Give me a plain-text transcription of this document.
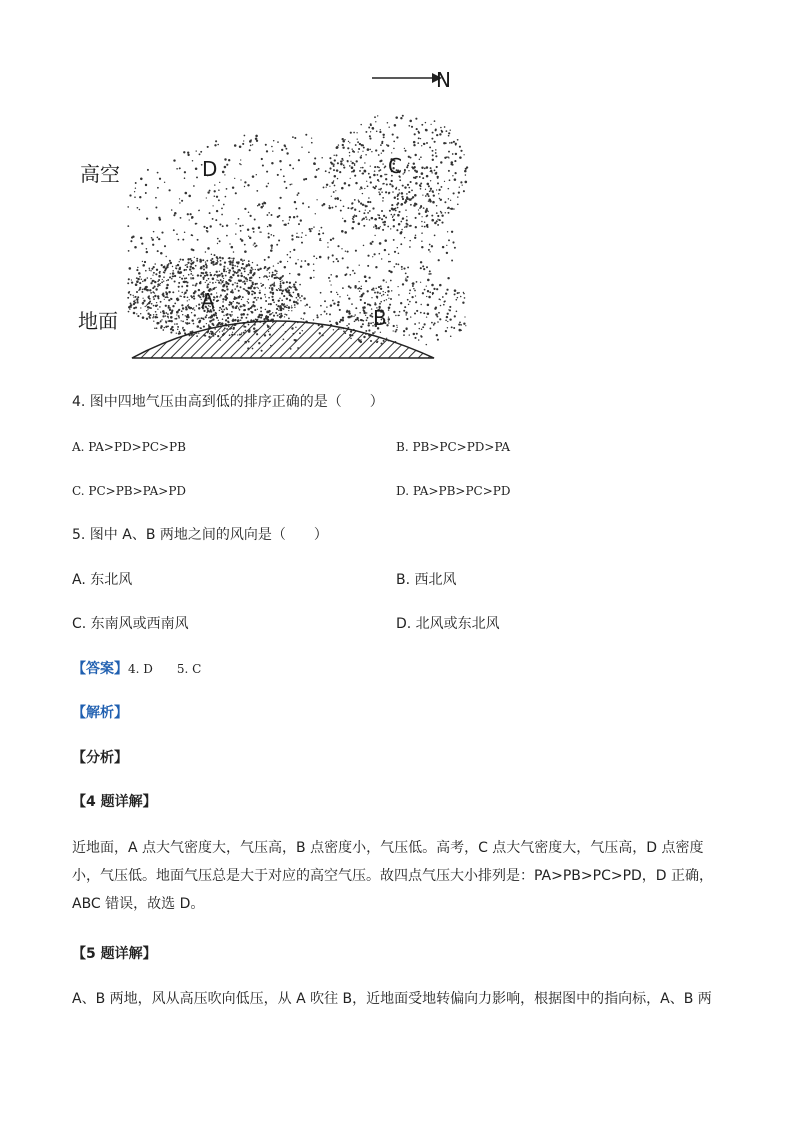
N
高空
地面
D	C
A
B
4. 图中四地气压由高到低的排序正确的是（　　）
A. PA>PD>PC>PB	B. PB>PC>PD>PA
C. PC>PB>PA>PD	D. PA>PB>PC>PD
5. 图中 A、B 两地之间的风向是（　　）
A. 东北风	B. 西北风
C. 东南风或西南风	D. 北风或东北风
【答案】4. D　　5. C
【解析】
【分析】
【4 题详解】
近地面，A 点大气密度大，气压高，B 点密度小，气压低。高考，C 点大气密度大，气压高，D 点密度小，气压低。地面气压总是大于对应的高空气压。故四点气压大小排列是：PA>PB>PC>PD，D 正确，ABC 错误，故选 D。
【5 题详解】
A、B 两地，风从高压吹向低压，从 A 吹往 B，近地面受地转偏向力影响，根据图中的指向标，A、B 两
